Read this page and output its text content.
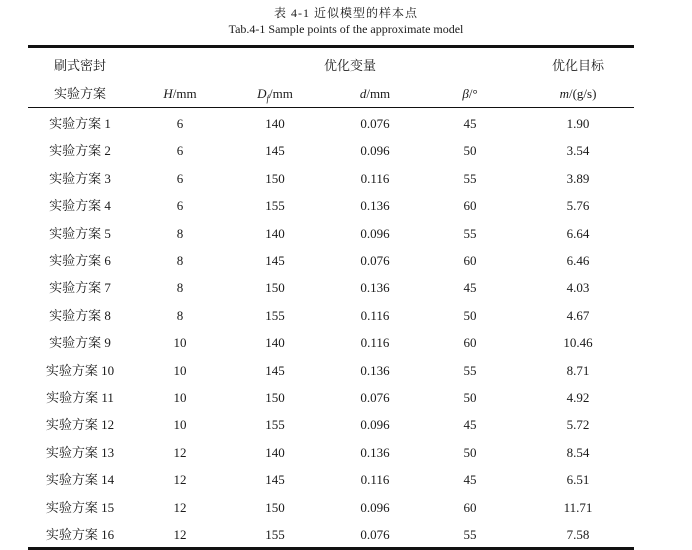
表 4-1 近似模型的样本点
Tab.4-1 Sample points of the approximate model
刷式密封	优化变量	优化目标
实验方案	H/mm	$D_f/mm$	d/mm	β/°	m/(g/s)
实验方案 1	6	140	0.076	45	1.90
实验方案 2	6	145	0.096	50	3.54
实验方案 3	6	150	0.116	55	3.89
实验方案 4	6	155	0.136	60	5.76
实验方案 5	8	140	0.096	55	6.64
实验方案 6	8	145	0.076	60	6.46
实验方案 7	8	150	0.136	45	4.03
实验方案 8	8	155	0.116	50	4.67
实验方案 9	10	140	0.116	60	10.46
实验方案 10	10	145	0.136	55	8.71
实验方案 11	10	150	0.076	50	4.92
实验方案 12	10	155	0.096	45	5.72
实验方案 13	12	140	0.136	50	8.54
实验方案 14	12	145	0.116	45	6.51
实验方案 15	12	150	0.096	60	11.71
实验方案 16	12	155	0.076	55	7.58
